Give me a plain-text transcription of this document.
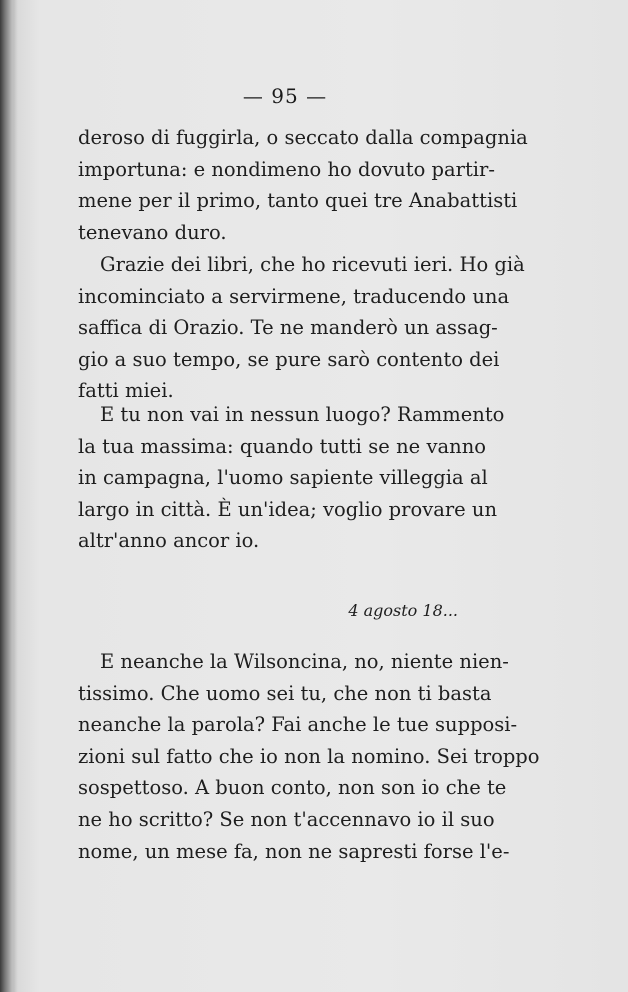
— 95 —
deroso di fuggirla, o seccato dalla compagnia
importuna: e nondimeno ho dovuto partir-
mene per il primo, tanto quei tre Anabattisti
tenevano duro.
Grazie dei libri, che ho ricevuti ieri. Ho già
incominciato a servirmene, traducendo una
saffica di Orazio. Te ne manderò un assag-
gio a suo tempo, se pure sarò contento dei
fatti miei.
E tu non vai in nessun luogo? Rammento
la tua massima: quando tutti se ne vanno
in campagna, l'uomo sapiente villeggia al
largo in città. È un'idea; voglio provare un
altr'anno ancor io.
4 agosto 18...
E neanche la Wilsoncina, no, niente nien-
tissimo. Che uomo sei tu, che non ti basta
neanche la parola? Fai anche le tue supposi-
zioni sul fatto che io non la nomino. Sei troppo
sospettoso. A buon conto, non son io che te
ne ho scritto? Se non t'accennavo io il suo
nome, un mese fa, non ne sapresti forse l'e-
